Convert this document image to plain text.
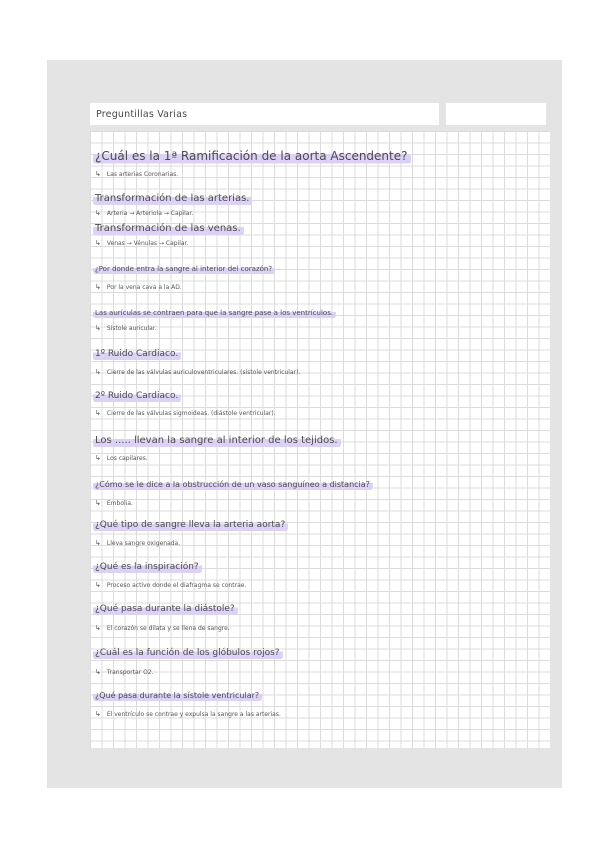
Preguntillas Varias
¿Cuál es la 1ª Ramificación de la aorta Ascendente?
↳ Las arterias Coronarias.
Transformación de las arterias.
↳ Arteria → Arteriola → Capilar.
Transformación de las venas.
↳ Venas → Vénulas → Capilar.
¿Por donde entra la sangre al interior del corazón?
↳ Por la vena cava a la AD.
Las aurículas se contraen para que la sangre pase a los ventrículos.
↳ Sístole auricular.
1º Ruido Cardiaco.
↳ Cierre de las válvulas auriculoventriculares. (sístole ventricular).
2º Ruido Cardiaco.
↳ Cierre de las válvulas sigmoideas. (diástole ventricular).
Los ..... llevan la sangre al interior de los tejidos.
↳ Los capilares.
¿Cómo se le dice a la obstrucción de un vaso sanguíneo a distancia?
↳ Embolia.
¿Qué tipo de sangre lleva la arteria aorta?
↳ Lleva sangre oxigenada.
¿Qué es la inspiración?
↳ Proceso activo donde el diafragma se contrae.
¿Qué pasa durante la diástole?
↳ El corazón se dilata y se llena de sangre.
¿Cuál es la función de los glóbulos rojos?
↳ Transportar O2.
¿Qué pasa durante la sístole ventricular?
↳ El ventrículo se contrae y expulsa la sangre a las arterias.
